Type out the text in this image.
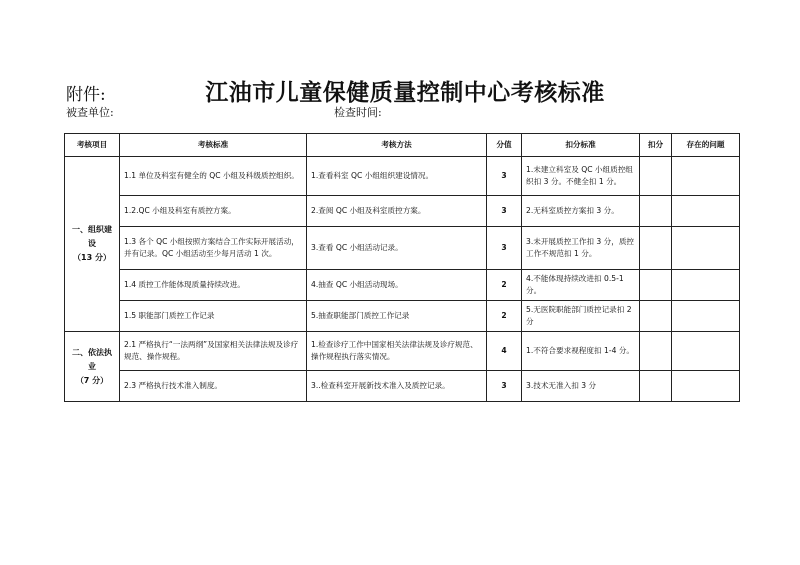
附件:	江油市儿童保健质量控制中心考核标准
被查单位:	检查时间:
考核项目	考核标准	考核方法	分值	扣分标准	扣分	存在的问题

一、组织建设
（13 分）	1.1 单位及科室有健全的 QC 小组及科级质控组织。	1.查看科室 QC 小组组织建设情况。	3	1.未建立科室及 QC 小组质控组织扣 3 分。不健全扣 1 分。		
	1.2.QC 小组及科室有质控方案。	2.查阅 QC 小组及科室质控方案。	3	2.无科室质控方案扣 3 分。		
	1.3 各个 QC 小组按照方案结合工作实际开展活动，并有记录。QC 小组活动至少每月活动 1 次。	3.查看 QC 小组活动记录。	3	3.未开展质控工作扣 3 分，质控工作不规范扣 1 分。		
	1.4 质控工作能体现质量持续改进。	4.抽查 QC 小组活动现场。	2	4.不能体现持续改进扣 0.5-1 分。		
	1.5 职能部门质控工作记录	5.抽查职能部门质控工作记录	2	5.无医院职能部门质控记录扣 2 分		

二、依法执业
（7 分）	2.1 严格执行“一法两纲”及国家相关法律法规及诊疗规范、操作规程。	1.检查诊疗工作中国家相关法律法规及诊疗规范、操作规程执行落实情况。	4	1.不符合要求视程度扣 1-4 分。		
	2.3 严格执行技术准入制度。	3..检查科室开展新技术准入及质控记录。	3	3.技术无准入扣 3 分		
